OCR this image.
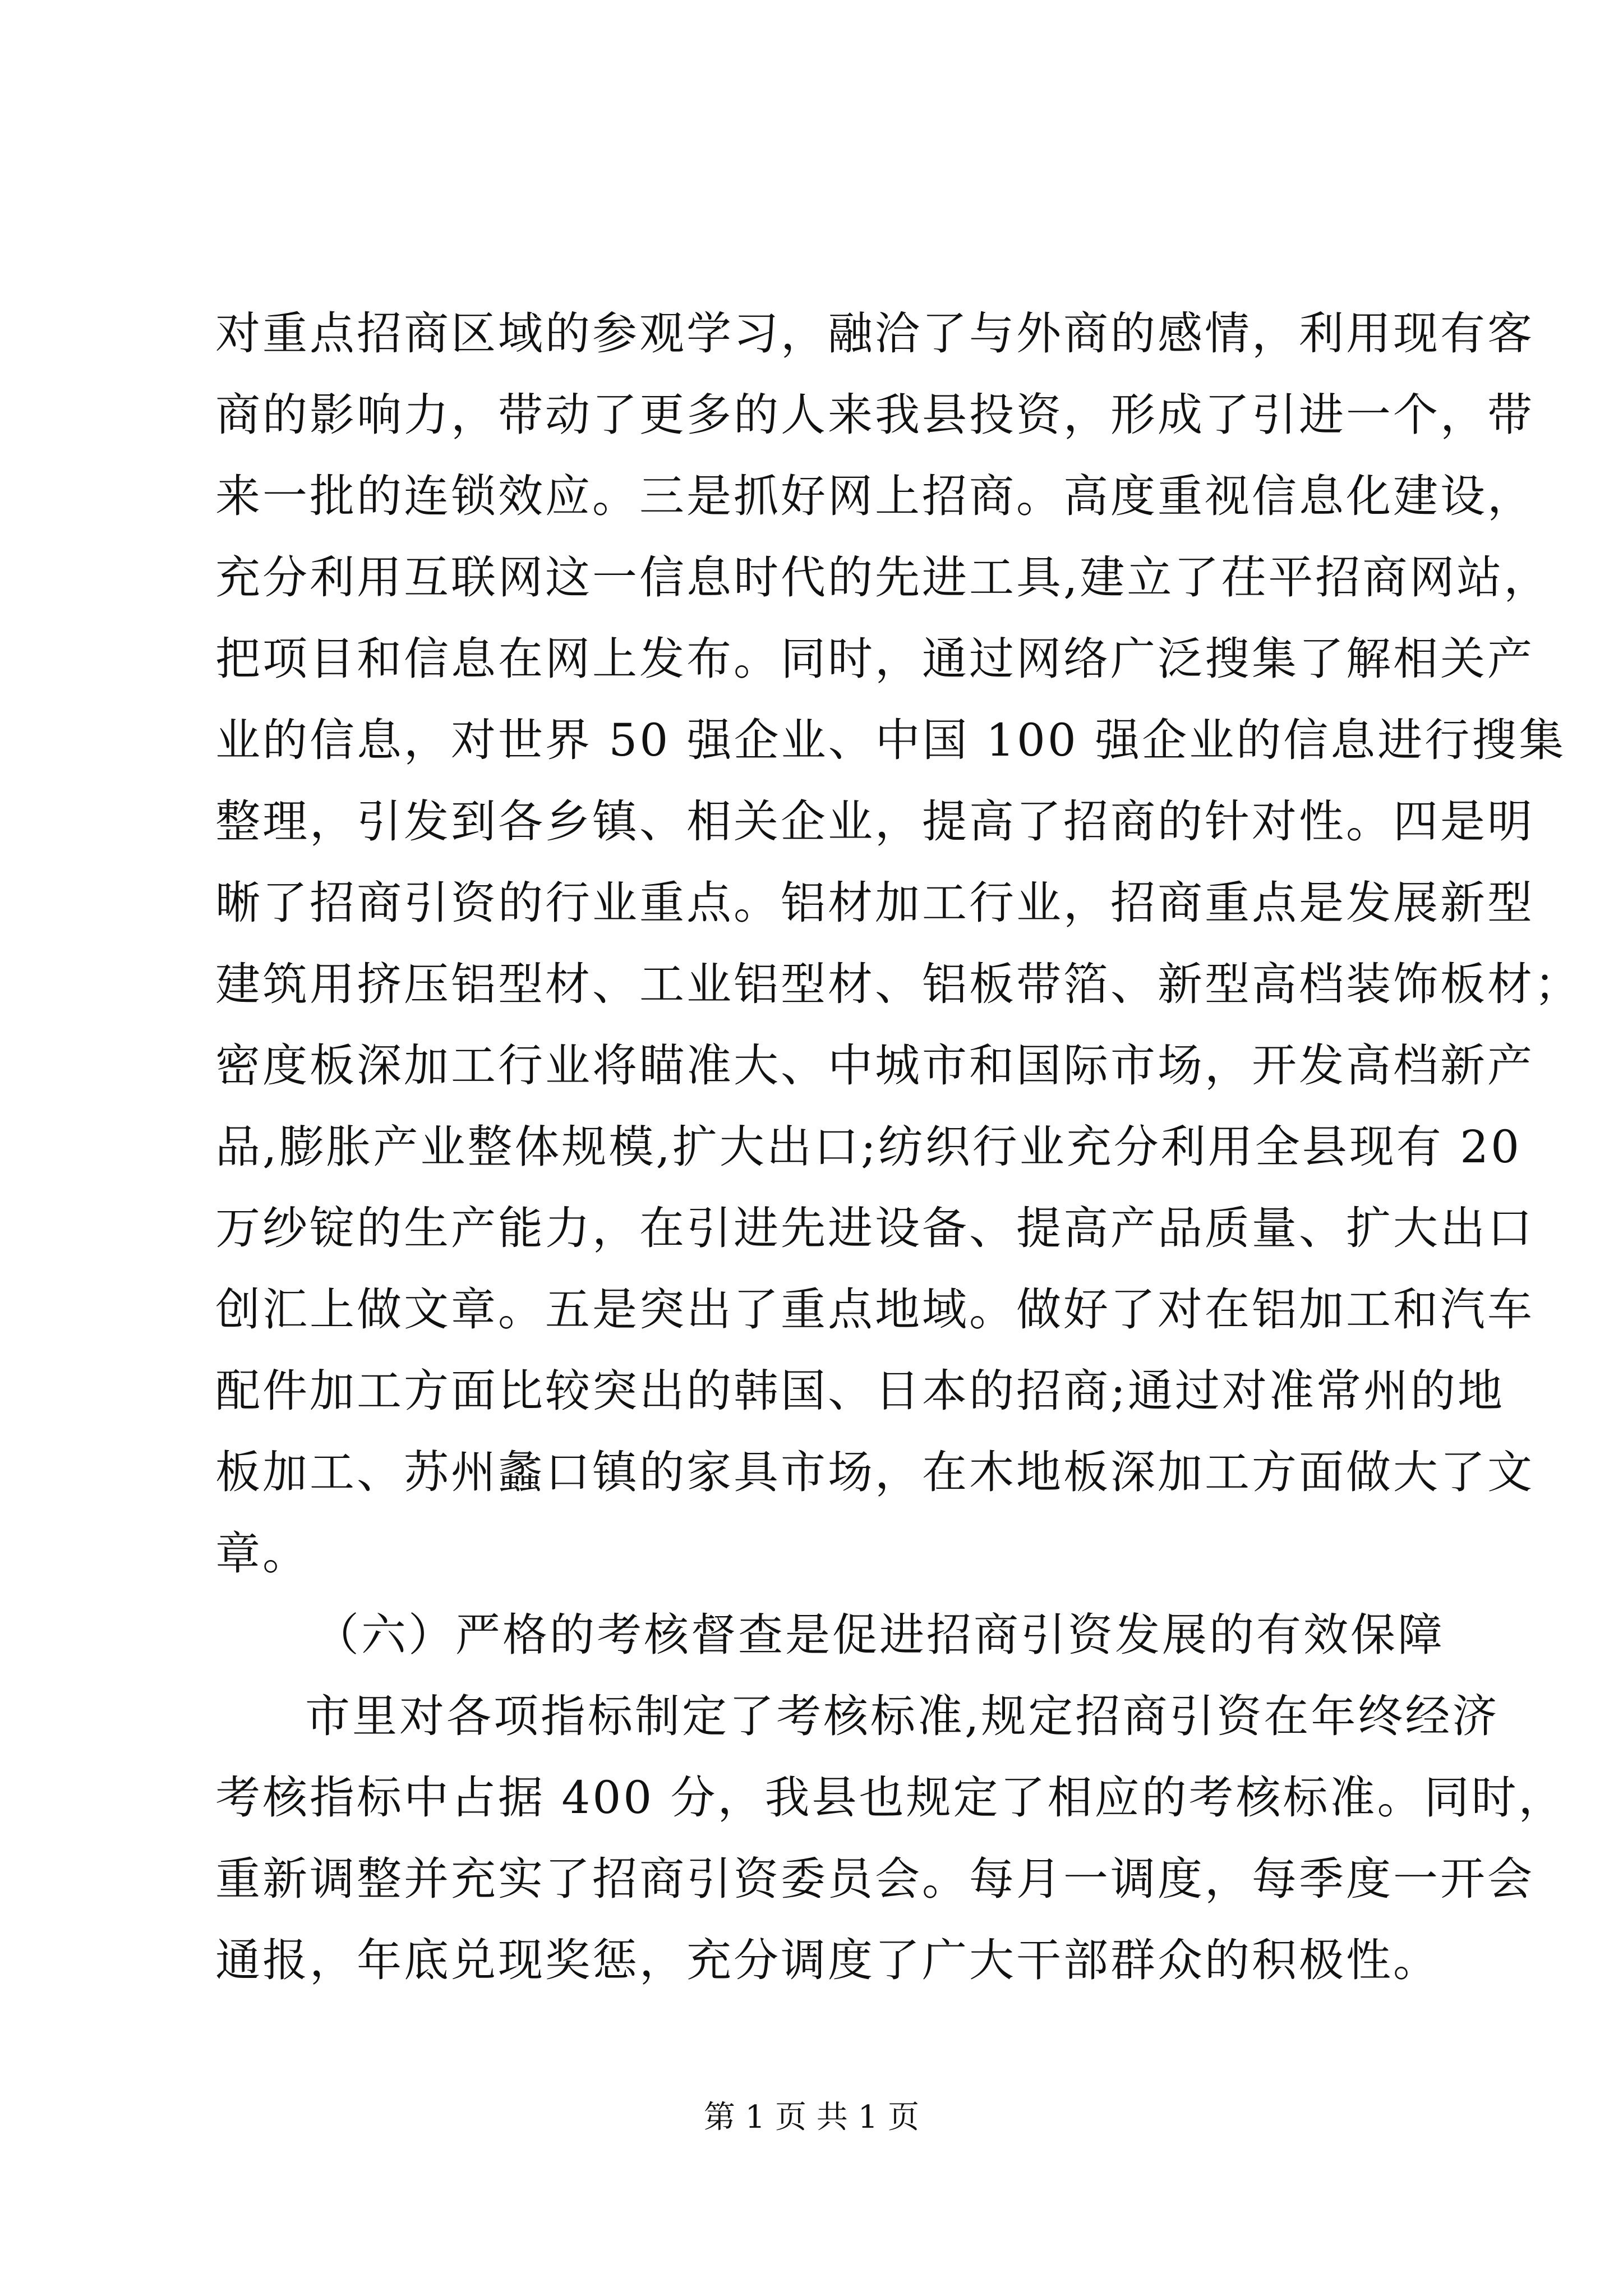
对重点招商区域的参观学习，融洽了与外商的感情，利用现有客
商的影响力，带动了更多的人来我县投资，形成了引进一个，带
来一批的连锁效应。三是抓好网上招商。高度重视信息化建设，
充分利用互联网这一信息时代的先进工具,建立了茌平招商网站，
把项目和信息在网上发布。同时，通过网络广泛搜集了解相关产
业的信息，对世界 50 强企业、中国 100 强企业的信息进行搜集
整理，引发到各乡镇、相关企业，提高了招商的针对性。四是明
晰了招商引资的行业重点。铝材加工行业，招商重点是发展新型
建筑用挤压铝型材、工业铝型材、铝板带箔、新型高档装饰板材；
密度板深加工行业将瞄准大、中城市和国际市场，开发高档新产
品,膨胀产业整体规模,扩大出口;纺织行业充分利用全县现有 20
万纱锭的生产能力，在引进先进设备、提高产品质量、扩大出口
创汇上做文章。五是突出了重点地域。做好了对在铝加工和汽车
配件加工方面比较突出的韩国、日本的招商;通过对准常州的地
板加工、苏州蠡口镇的家具市场，在木地板深加工方面做大了文
章。
（六）严格的考核督查是促进招商引资发展的有效保障
市里对各项指标制定了考核标准,规定招商引资在年终经济
考核指标中占据 400 分，我县也规定了相应的考核标准。同时，
重新调整并充实了招商引资委员会。每月一调度，每季度一开会
通报，年底兑现奖惩，充分调度了广大干部群众的积极性。
第 1 页 共 1 页
